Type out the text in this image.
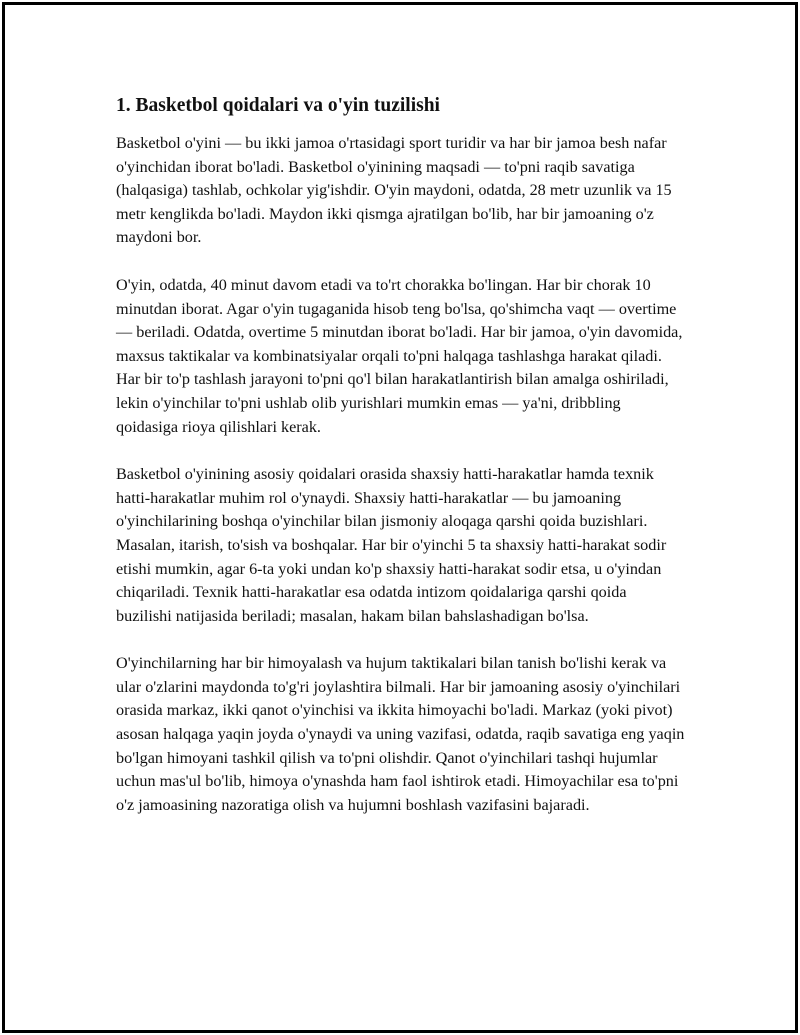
1. Basketbol qoidalari va o'yin tuzilishi

Basketbol o'yini — bu ikki jamoa o'rtasidagi sport turidir va har bir jamoa besh nafar o'yinchidan iborat bo'ladi. Basketbol o'yinining maqsadi — to'pni raqib savatiga (halqasiga) tashlab, ochkolar yig'ishdir. O'yin maydoni, odatda, 28 metr uzunlik va 15 metr kenglikda bo'ladi. Maydon ikki qismga ajratilgan bo'lib, har bir jamoaning o'z maydoni bor.

O'yin, odatda, 40 minut davom etadi va to'rt chorakka bo'lingan. Har bir chorak 10 minutdan iborat. Agar o'yin tugaganida hisob teng bo'lsa, qo'shimcha vaqt — overtime — beriladi. Odatda, overtime 5 minutdan iborat bo'ladi. Har bir jamoa, o'yin davomida, maxsus taktikalar va kombinatsiyalar orqali to'pni halqaga tashlashga harakat qiladi. Har bir to'p tashlash jarayoni to'pni qo'l bilan harakatlantirish bilan amalga oshiriladi, lekin o'yinchilar to'pni ushlab olib yurishlari mumkin emas — ya'ni, dribbling qoidasiga rioya qilishlari kerak.

Basketbol o'yinining asosiy qoidalari orasida shaxsiy hatti-harakatlar hamda texnik hatti-harakatlar muhim rol o'ynaydi. Shaxsiy hatti-harakatlar — bu jamoaning o'yinchilarining boshqa o'yinchilar bilan jismoniy aloqaga qarshi qoida buzishlari. Masalan, itarish, to'sish va boshqalar. Har bir o'yinchi 5 ta shaxsiy hatti-harakat sodir etishi mumkin, agar 6-ta yoki undan ko'p shaxsiy hatti-harakat sodir etsa, u o'yindan chiqariladi. Texnik hatti-harakatlar esa odatda intizom qoidalariga qarshi qoida buzilishi natijasida beriladi; masalan, hakam bilan bahslashadigan bo'lsa.

O'yinchilarning har bir himoyalash va hujum taktikalari bilan tanish bo'lishi kerak va ular o'zlarini maydonda to'g'ri joylashtira bilmali. Har bir jamoaning asosiy o'yinchilari orasida markaz, ikki qanot o'yinchisi va ikkita himoyachi bo'ladi. Markaz (yoki pivot) asosan halqaga yaqin joyda o'ynaydi va uning vazifasi, odatda, raqib savatiga eng yaqin bo'lgan himoyani tashkil qilish va to'pni olishdir. Qanot o'yinchilari tashqi hujumlar uchun mas'ul bo'lib, himoya o'ynashda ham faol ishtirok etadi. Himoyachilar esa to'pni o'z jamoasining nazoratiga olish va hujumni boshlash vazifasini bajaradi.
